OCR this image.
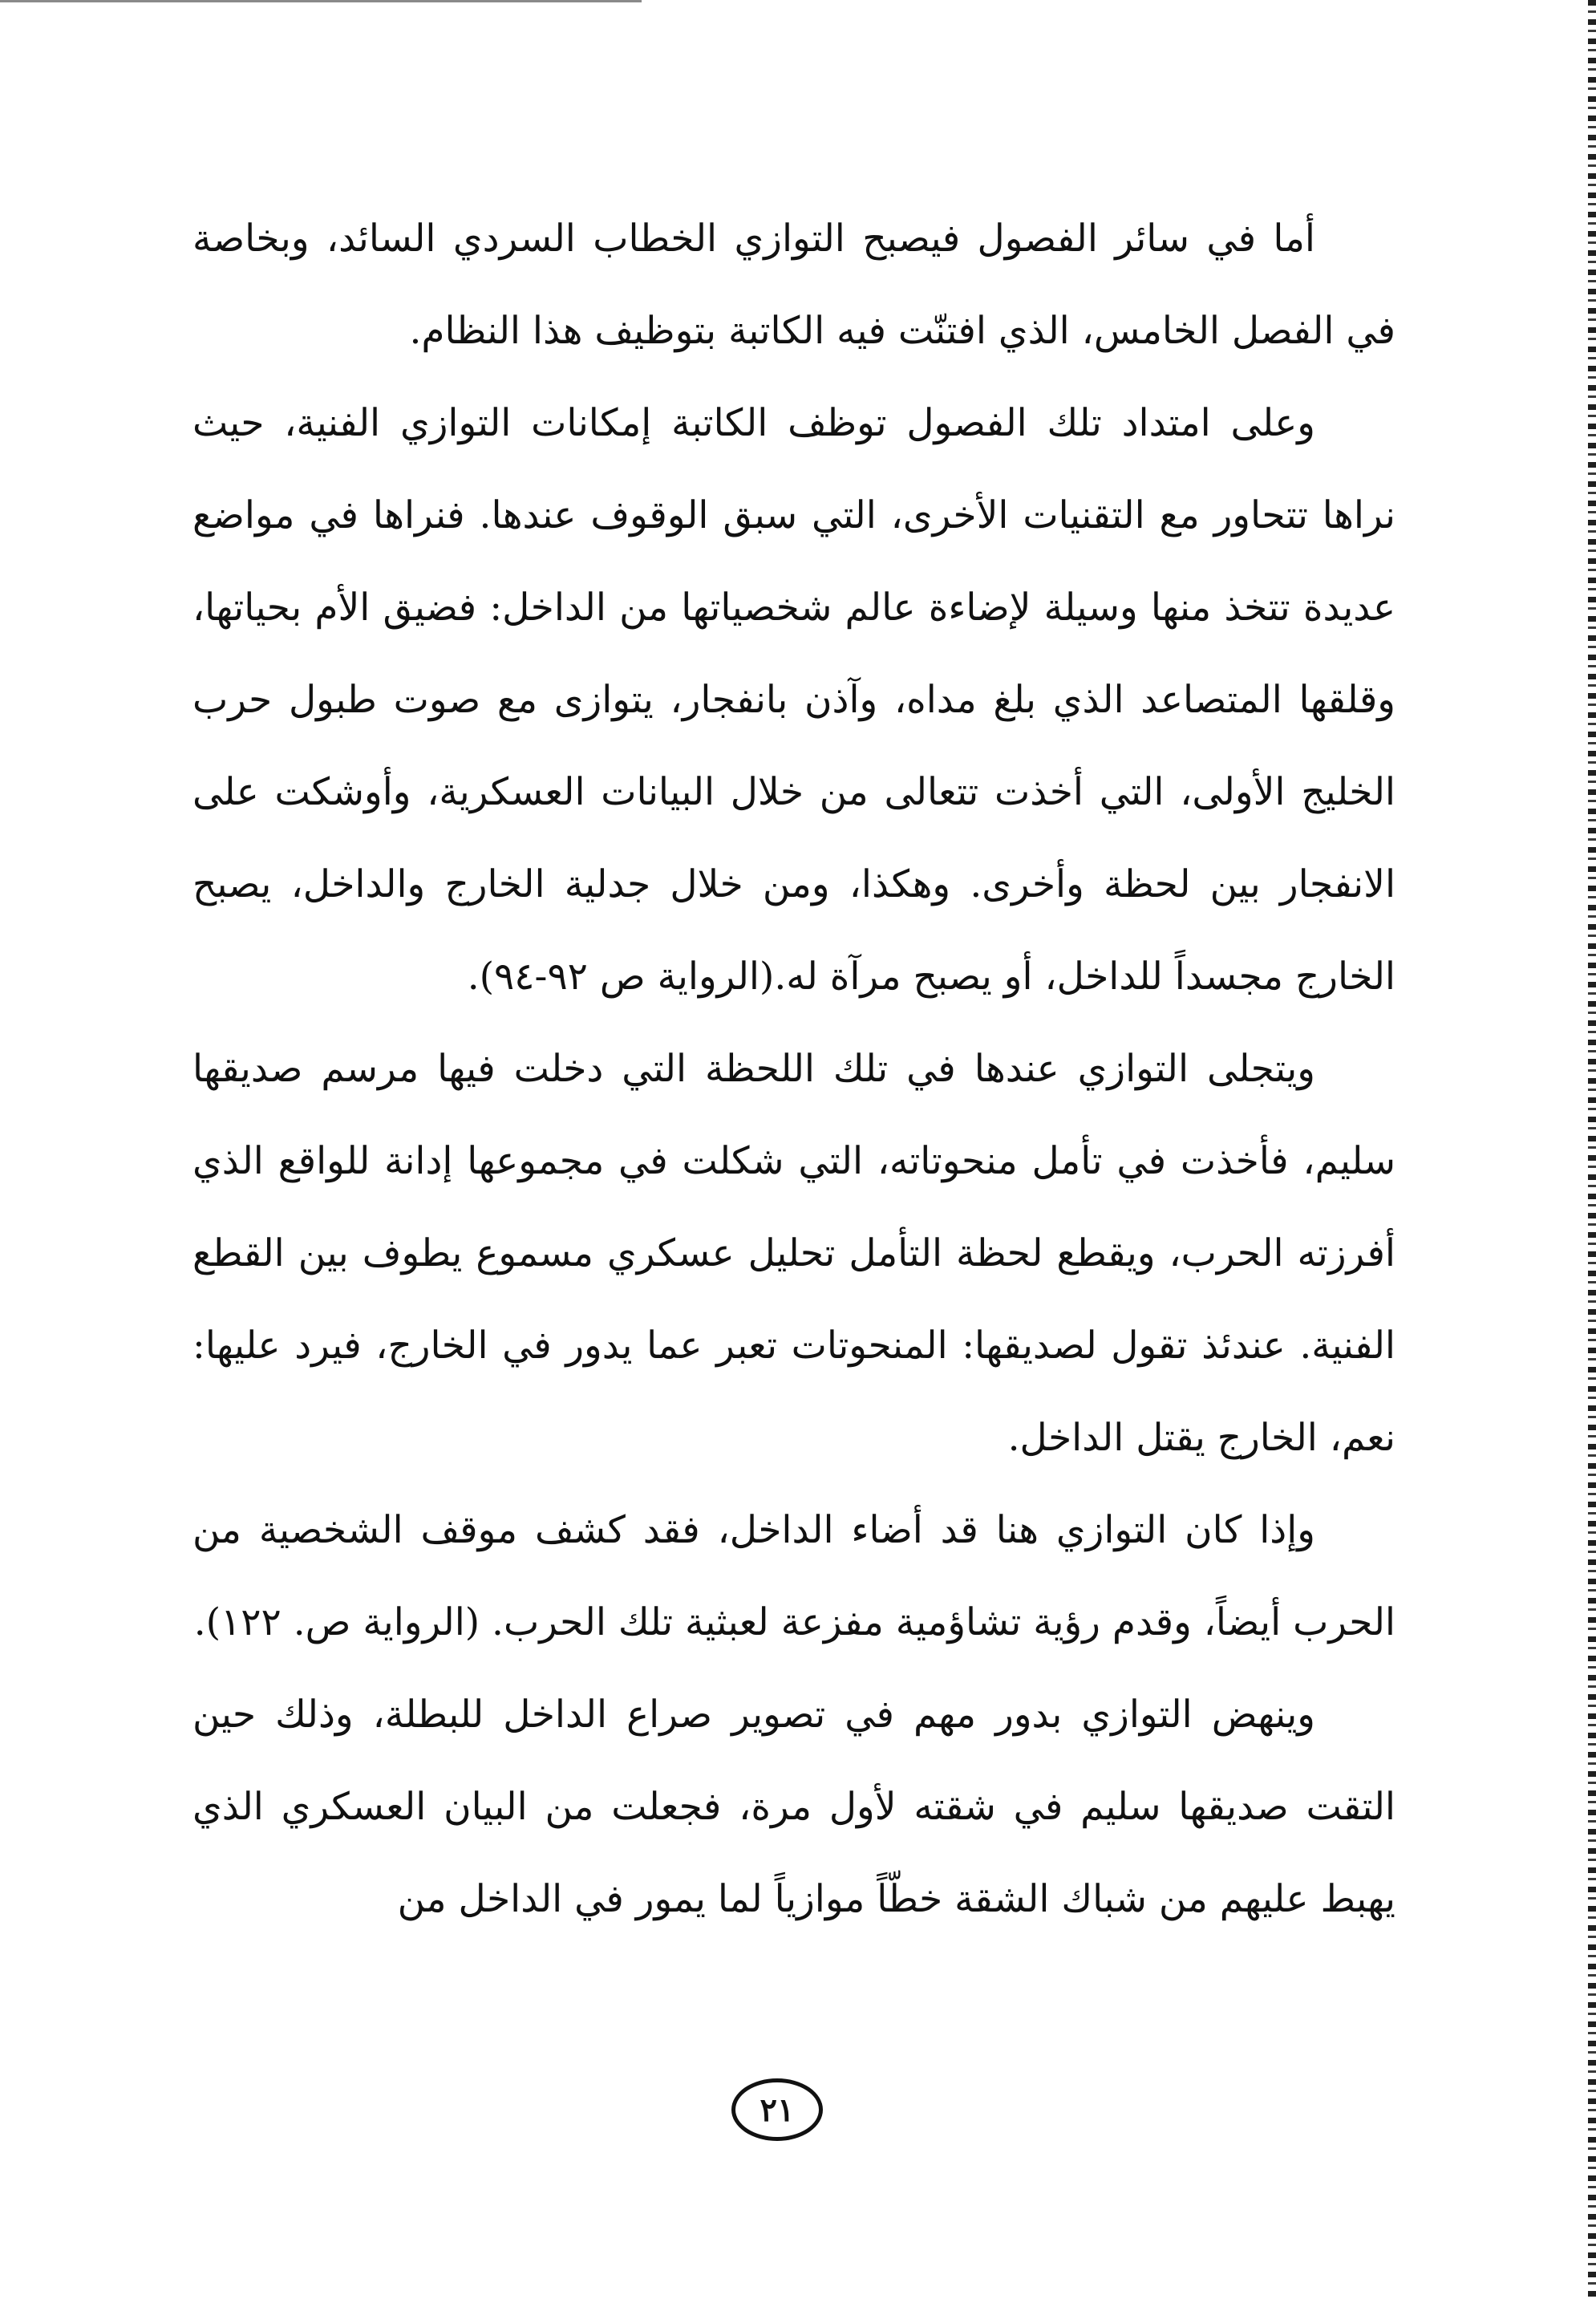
أما في سائر الفصول فيصبح التوازي الخطاب السردي السائد، وبخاصة في الفصل الخامس، الذي افتنّت فيه الكاتبة بتوظيف هذا النظام.

وعلى امتداد تلك الفصول توظف الكاتبة إمكانات التوازي الفنية، حيث نراها تتحاور مع التقنيات الأخرى، التي سبق الوقوف عندها. فنراها في مواضع عديدة تتخذ منها وسيلة لإضاءة عالم شخصياتها من الداخل: فضيق الأم بحياتها، وقلقها المتصاعد الذي بلغ مداه، وآذن بانفجار، يتوازى مع صوت طبول حرب الخليج الأولى، التي أخذت تتعالى من خلال البيانات العسكرية، وأوشكت على الانفجار بين لحظة وأخرى. وهكذا، ومن خلال جدلية الخارج والداخل، يصبح الخارج مجسداً للداخل، أو يصبح مرآة له.(الرواية ص ٩٢-٩٤).

ويتجلى التوازي عندها في تلك اللحظة التي دخلت فيها مرسم صديقها سليم، فأخذت في تأمل منحوتاته، التي شكلت في مجموعها إدانة للواقع الذي أفرزته الحرب، ويقطع لحظة التأمل تحليل عسكري مسموع يطوف بين القطع الفنية. عندئذ تقول لصديقها: المنحوتات تعبر عما يدور في الخارج، فيرد عليها: نعم، الخارج يقتل الداخل.

وإذا كان التوازي هنا قد أضاء الداخل، فقد كشف موقف الشخصية من الحرب أيضاً، وقدم رؤية تشاؤمية مفزعة لعبثية تلك الحرب. (الرواية ص. ١٢٢).

وينهض التوازي بدور مهم في تصوير صراع الداخل للبطلة، وذلك حين التقت صديقها سليم في شقته لأول مرة، فجعلت من البيان العسكري الذي يهبط عليهم من شباك الشقة خطّاً موازياً لما يمور في الداخل من

٢١
